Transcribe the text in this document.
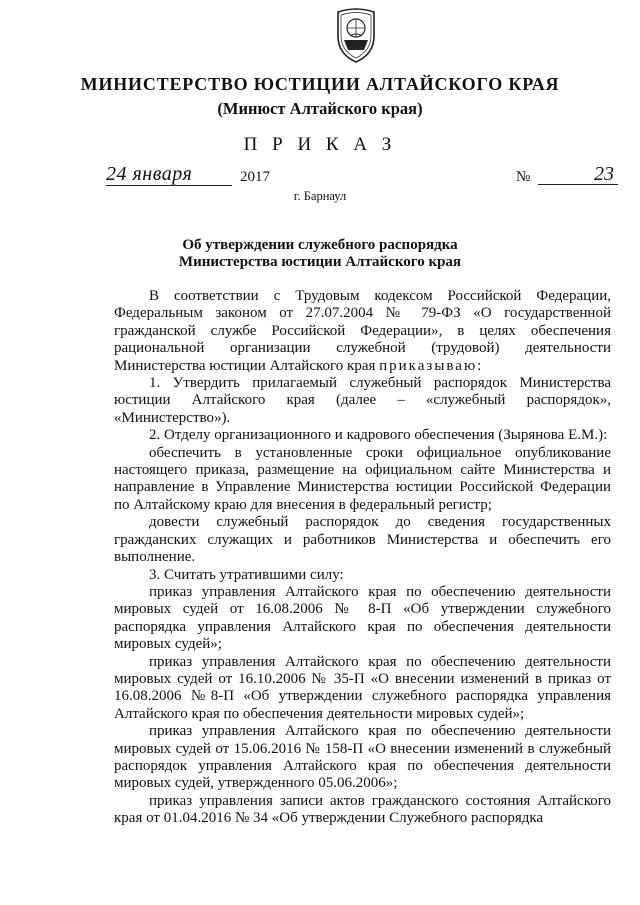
МИНИСТЕРСТВО ЮСТИЦИИ АЛТАЙСКОГО КРАЯ
(Минюст Алтайского края)
П Р И К А З
24 января	2017	№	23
г. Барнаул
Об утверждении служебного распорядка
Министерства юстиции Алтайского края

В соответствии с Трудовым кодексом Российской Федерации, Федеральным законом от 27.07.2004 № 79-ФЗ «О государственной гражданской службе Российской Федерации», в целях обеспечения рациональной организации служебной (трудовой) деятельности Министерства юстиции Алтайского края приказываю:

1. Утвердить прилагаемый служебный распорядок Министерства юстиции Алтайского края (далее – «служебный распорядок», «Министерство»).

2. Отделу организационного и кадрового обеспечения (Зырянова Е.М.):

обеспечить в установленные сроки официальное опубликование настоящего приказа, размещение на официальном сайте Министерства и направление в Управление Министерства юстиции Российской Федерации по Алтайскому краю для внесения в федеральный регистр;

довести служебный распорядок до сведения государственных гражданских служащих и работников Министерства и обеспечить его выполнение.

3. Считать утратившими силу:

приказ управления Алтайского края по обеспечению деятельности мировых судей от 16.08.2006 № 8-П «Об утверждении служебного распорядка управления Алтайского края по обеспечения деятельности мировых судей»;

приказ управления Алтайского края по обеспечению деятельности мировых судей от 16.10.2006 № 35-П «О внесении изменений в приказ от 16.08.2006 №8-П «Об утверждении служебного распорядка управления Алтайского края по обеспечения деятельности мировых судей»;

приказ управления Алтайского края по обеспечению деятельности мировых судей от 15.06.2016 № 158-П «О внесении изменений в служебный распорядок управления Алтайского края по обеспечения деятельности мировых судей, утвержденного 05.06.2006»;

приказ управления записи актов гражданского состояния Алтайского края от 01.04.2016 № 34 «Об утверждении Служебного распорядка
